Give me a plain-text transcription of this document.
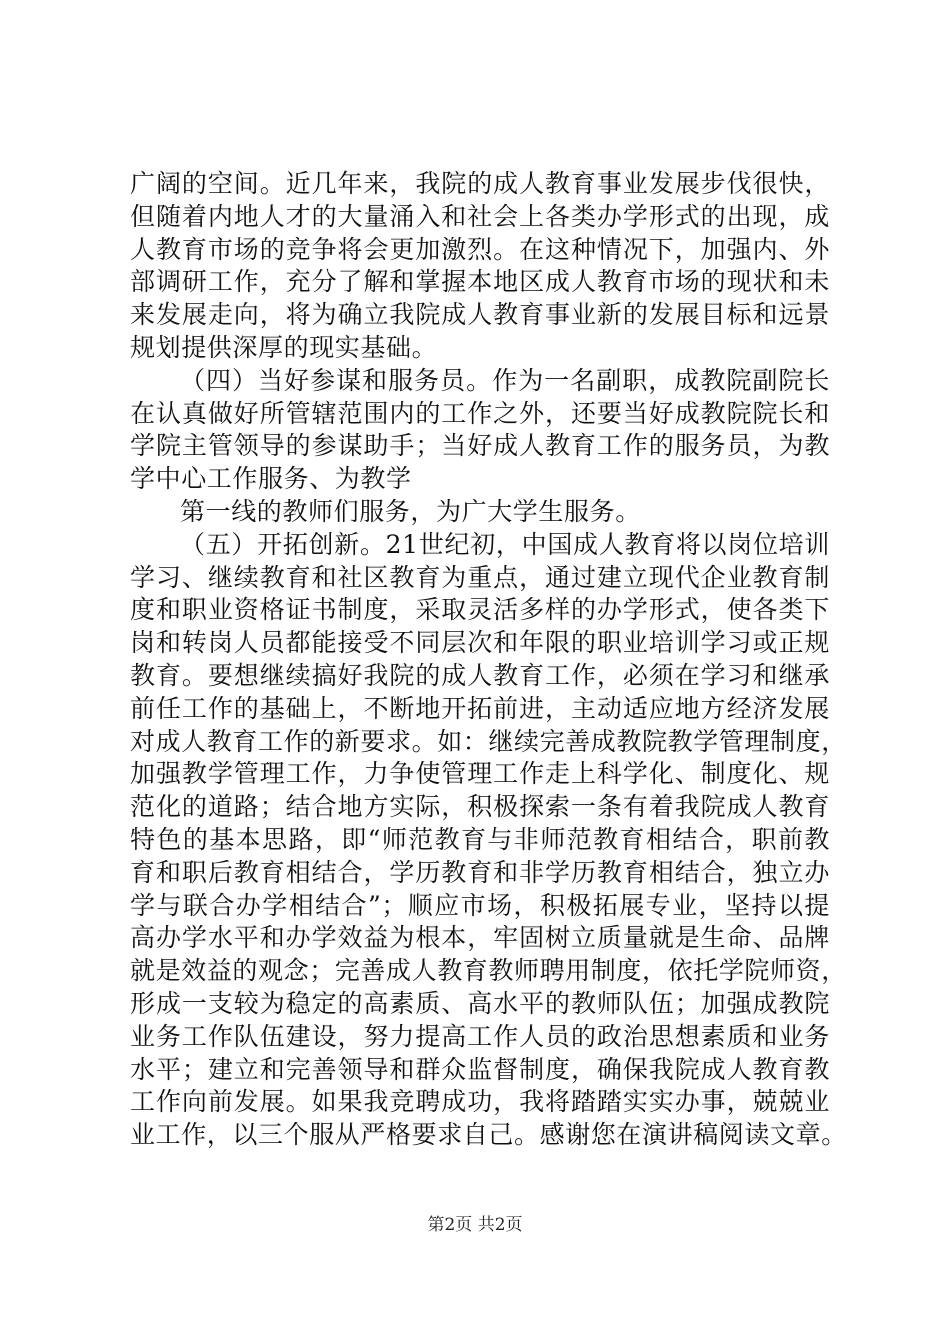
广阔的空间。近几年来，我院的成人教育事业发展步伐很快，
但随着内地人才的大量涌入和社会上各类办学形式的出现，成
人教育市场的竞争将会更加激烈。在这种情况下，加强内、外
部调研工作，充分了解和掌握本地区成人教育市场的现状和未
来发展走向，将为确立我院成人教育事业新的发展目标和远景
规划提供深厚的现实基础。
（四）当好参谋和服务员。作为一名副职，成教院副院长
在认真做好所管辖范围内的工作之外，还要当好成教院院长和
学院主管领导的参谋助手；当好成人教育工作的服务员，为教
学中心工作服务、为教学
第一线的教师们服务，为广大学生服务。
（五）开拓创新。21世纪初，中国成人教育将以岗位培训
学习、继续教育和社区教育为重点，通过建立现代企业教育制
度和职业资格证书制度，采取灵活多样的办学形式，使各类下
岗和转岗人员都能接受不同层次和年限的职业培训学习或正规
教育。要想继续搞好我院的成人教育工作，必须在学习和继承
前任工作的基础上，不断地开拓前进，主动适应地方经济发展
对成人教育工作的新要求。如：继续完善成教院教学管理制度，
加强教学管理工作，力争使管理工作走上科学化、制度化、规
范化的道路；结合地方实际，积极探索一条有着我院成人教育
特色的基本思路，即“师范教育与非师范教育相结合，职前教
育和职后教育相结合，学历教育和非学历教育相结合，独立办
学与联合办学相结合”；顺应市场，积极拓展专业，坚持以提
高办学水平和办学效益为根本，牢固树立质量就是生命、品牌
就是效益的观念；完善成人教育教师聘用制度，依托学院师资，
形成一支较为稳定的高素质、高水平的教师队伍；加强成教院
业务工作队伍建设，努力提高工作人员的政治思想素质和业务
水平；建立和完善领导和群众监督制度，确保我院成人教育教
工作向前发展。如果我竞聘成功，我将踏踏实实办事，兢兢业
业工作，以三个服从严格要求自己。感谢您在演讲稿阅读文章。
第2页 共2页
